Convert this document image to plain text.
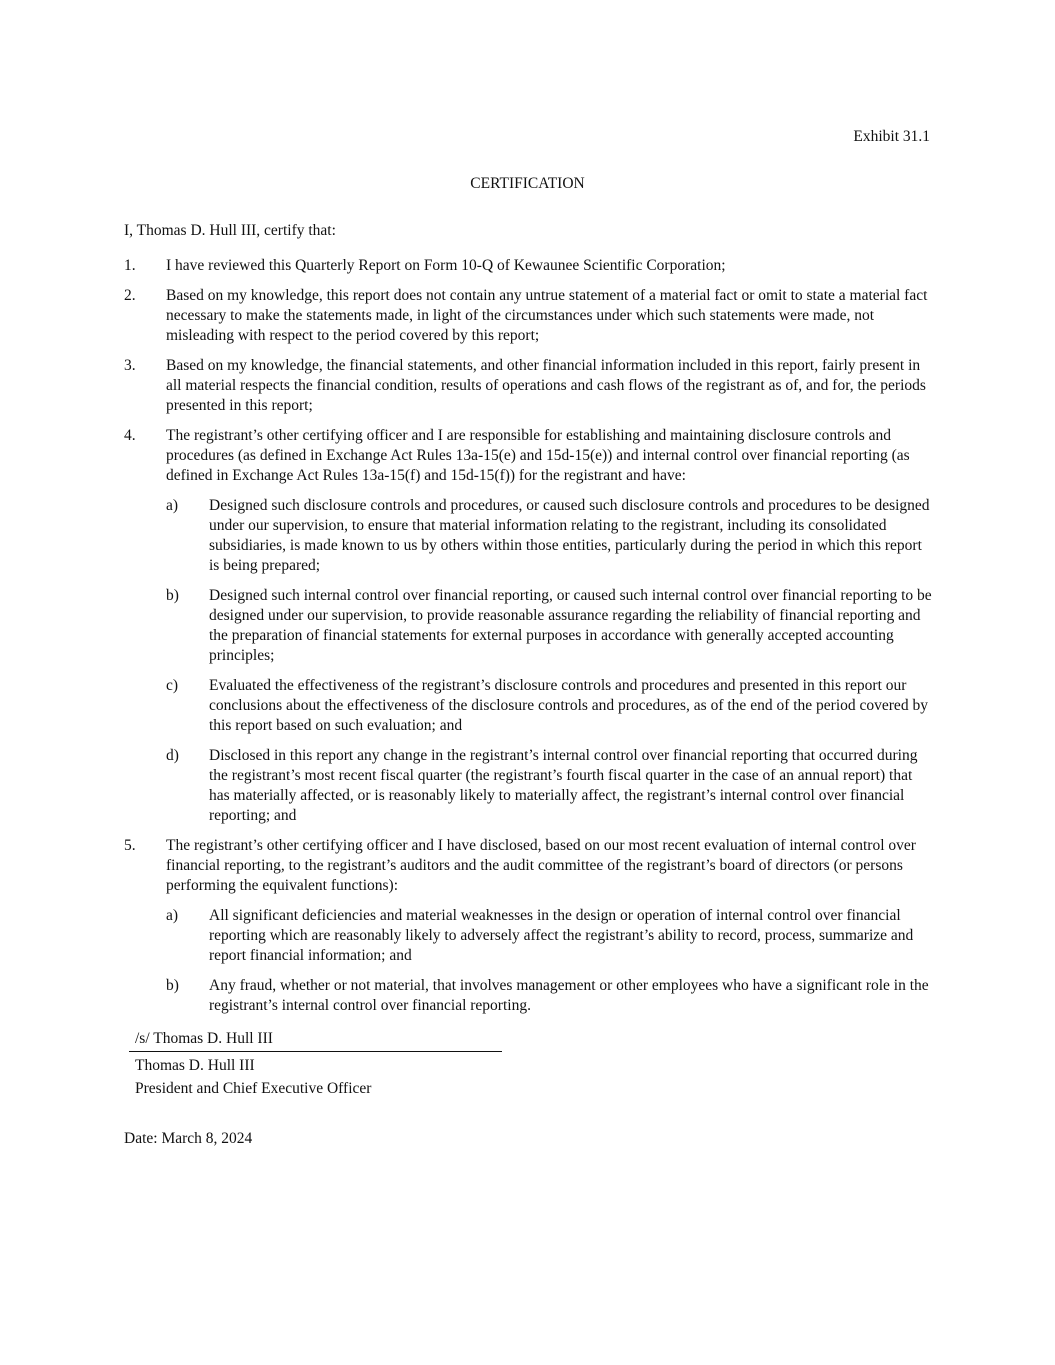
Exhibit 31.1
CERTIFICATION
I, Thomas D. Hull III, certify that:
1. I have reviewed this Quarterly Report on Form 10-Q of Kewaunee Scientific Corporation;
2. Based on my knowledge, this report does not contain any untrue statement of a material fact or omit to state a material fact necessary to make the statements made, in light of the circumstances under which such statements were made, not misleading with respect to the period covered by this report;
3. Based on my knowledge, the financial statements, and other financial information included in this report, fairly present in all material respects the financial condition, results of operations and cash flows of the registrant as of, and for, the periods presented in this report;
4. The registrant’s other certifying officer and I are responsible for establishing and maintaining disclosure controls and procedures (as defined in Exchange Act Rules 13a-15(e) and 15d-15(e)) and internal control over financial reporting (as defined in Exchange Act Rules 13a-15(f) and 15d-15(f)) for the registrant and have:
a) Designed such disclosure controls and procedures, or caused such disclosure controls and procedures to be designed under our supervision, to ensure that material information relating to the registrant, including its consolidated subsidiaries, is made known to us by others within those entities, particularly during the period in which this report is being prepared;
b) Designed such internal control over financial reporting, or caused such internal control over financial reporting to be designed under our supervision, to provide reasonable assurance regarding the reliability of financial reporting and the preparation of financial statements for external purposes in accordance with generally accepted accounting principles;
c) Evaluated the effectiveness of the registrant’s disclosure controls and procedures and presented in this report our conclusions about the effectiveness of the disclosure controls and procedures, as of the end of the period covered by this report based on such evaluation; and
d) Disclosed in this report any change in the registrant’s internal control over financial reporting that occurred during the registrant’s most recent fiscal quarter (the registrant’s fourth fiscal quarter in the case of an annual report) that has materially affected, or is reasonably likely to materially affect, the registrant’s internal control over financial reporting; and
5. The registrant’s other certifying officer and I have disclosed, based on our most recent evaluation of internal control over financial reporting, to the registrant’s auditors and the audit committee of the registrant’s board of directors (or persons performing the equivalent functions):
a) All significant deficiencies and material weaknesses in the design or operation of internal control over financial reporting which are reasonably likely to adversely affect the registrant’s ability to record, process, summarize and report financial information; and
b) Any fraud, whether or not material, that involves management or other employees who have a significant role in the registrant’s internal control over financial reporting.
/s/ Thomas D. Hull III
Thomas D. Hull III
President and Chief Executive Officer
Date: March 8, 2024
